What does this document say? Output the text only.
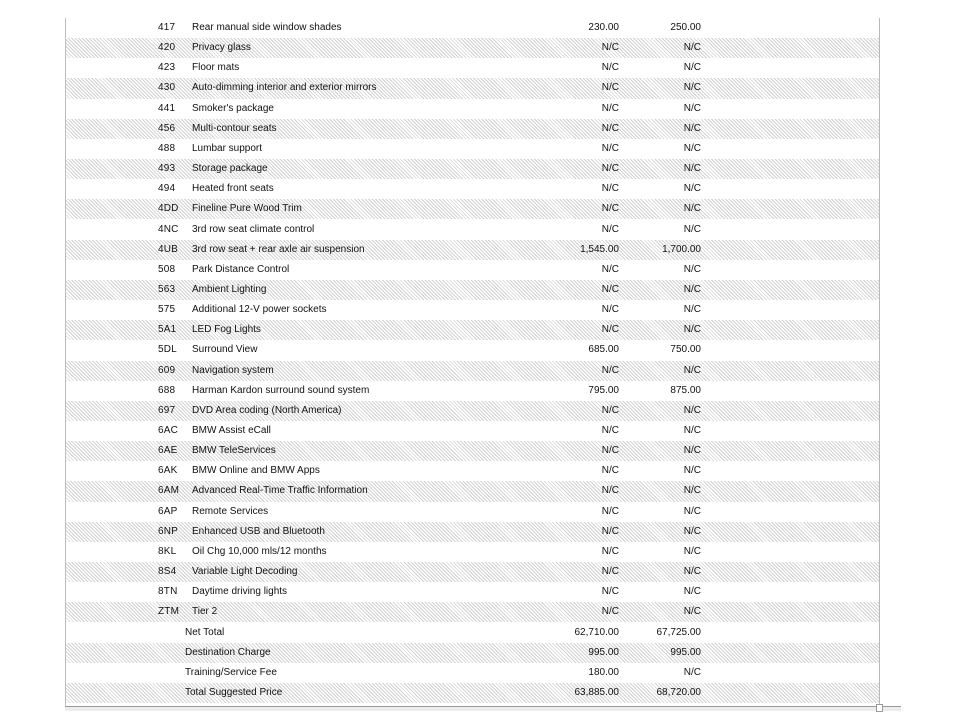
417	Rear manual side window shades	230.00	250.00
420	Privacy glass	N/C	N/C
423	Floor mats	N/C	N/C
430	Auto-dimming interior and exterior mirrors	N/C	N/C
441	Smoker's package	N/C	N/C
456	Multi-contour seats	N/C	N/C
488	Lumbar support	N/C	N/C
493	Storage package	N/C	N/C
494	Heated front seats	N/C	N/C
4DD	Fineline Pure Wood Trim	N/C	N/C
4NC	3rd row seat climate control	N/C	N/C
4UB	3rd row seat + rear axle air suspension	1,545.00	1,700.00
508	Park Distance Control	N/C	N/C
563	Ambient Lighting	N/C	N/C
575	Additional 12-V power sockets	N/C	N/C
5A1	LED Fog Lights	N/C	N/C
5DL	Surround View	685.00	750.00
609	Navigation system	N/C	N/C
688	Harman Kardon surround sound system	795.00	875.00
697	DVD Area coding (North America)	N/C	N/C
6AC	BMW Assist eCall	N/C	N/C
6AE	BMW TeleServices	N/C	N/C
6AK	BMW Online and BMW Apps	N/C	N/C
6AM	Advanced Real-Time Traffic Information	N/C	N/C
6AP	Remote Services	N/C	N/C
6NP	Enhanced USB and Bluetooth	N/C	N/C
8KL	Oil Chg 10,000 mls/12 months	N/C	N/C
8S4	Variable Light Decoding	N/C	N/C
8TN	Daytime driving lights	N/C	N/C
ZTM	Tier 2	N/C	N/C
Net Total	62,710.00	67,725.00
Destination Charge	995.00	995.00
Training/Service Fee	180.00	N/C
Total Suggested Price	63,885.00	68,720.00
